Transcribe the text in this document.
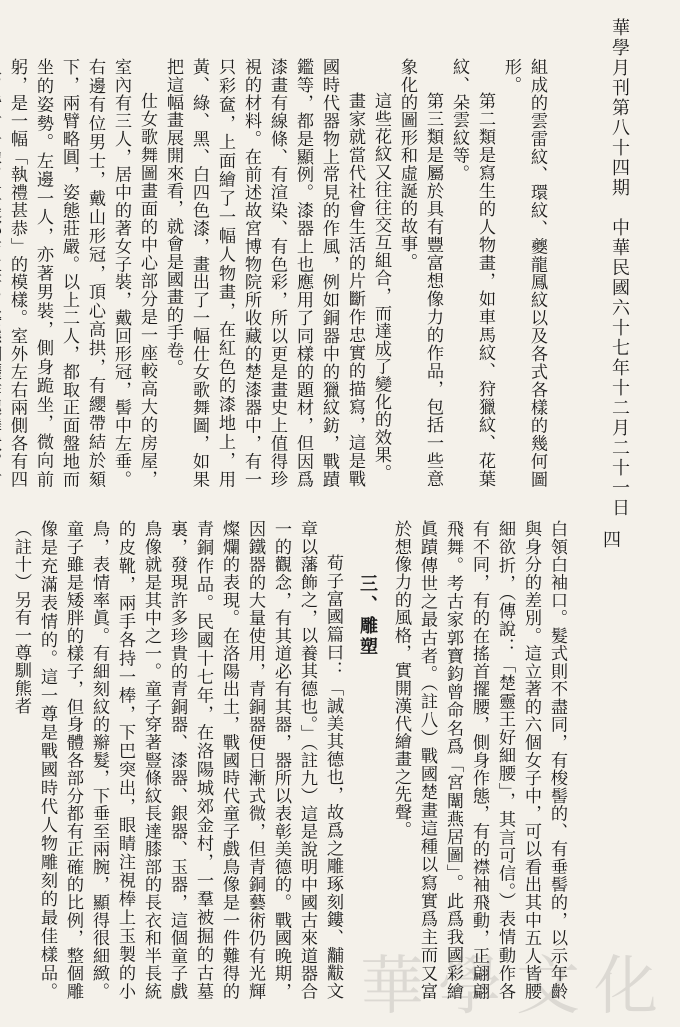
華學月刊第八十四期　中華民國六十七年十二月二十一日
四

組成的雲雷紋、環紋、夔龍鳳紋以及各式各樣的幾何圖形。

第二類是寫生的人物畫，如車馬紋、狩獵紋、花葉紋、朵雲紋等。

第三類是屬於具有豐富想像力的作品，包括一些意象化的圖形和虛誕的故事。

這些花紋又往往交互組合，而達成了變化的效果。

畫家就當代社會生活的片斷作忠實的描寫，這是戰國時代器物上常見的作風，例如銅器中的獵紋鈁，戰蹟鑑等，都是顯例。漆器上也應用了同樣的題材，但因爲漆畫有線條、有渲染、有色彩，所以更是畫史上值得珍視的材料。在前述故宮博物院所收藏的楚漆器中，有一只彩奩，上面繪了一幅人物畫，在紅色的漆地上，用黃、綠、黑、白四色漆，畫出了一幅仕女歌舞圖，如果把這幅畫展開來看，就會是國畫的手卷。

仕女歌舞圖畫面的中心部分是一座較高大的房屋，室內有三人，居中的著女子裝，戴回形冠，髻中左垂。右邊有位男士，戴山形冠，頂心高拱，有纓帶結於頦下，兩臂略圓，姿態莊嚴。以上二人，都取正面盤地而坐的姿勢。左邊一人，亦著男裝，側身跪坐，微向前躬，是一幅「執禮甚恭」的模樣。室外左右兩側各有四

白領白袖口。髮式則不盡同，有梭髻的、有垂髻的，以示年齡與身分的差別。這立著的六個女子中，可以看出其中五人皆腰細欲折，（傳說：「楚靈王好細腰」，其言可信。）表情動作各有不同，有的在搖首擺腰，側身作態，有的襟袖飛動，正翩翩飛舞。考古家郭寶鈞曾命名爲「宮闈燕居圖」。此爲我國彩繪眞蹟傳世之最古者。（註八）戰國楚畫這種以寫實爲主而又富於想像力的風格，實開漢代繪畫之先聲。

三、雕塑

荀子富國篇曰：「誠美其德也，故爲之雕琢刻鏤、黼黻文章以藩飾之，以養其德也。」（註九）這是說明中國古來道器合一的觀念，有其道必有其器，器所以表彰美德的。戰國晚期，因鐵器的大量使用，青銅器便日漸式微，但青銅藝術仍有光輝燦爛的表現。在洛陽出土，戰國時代童子戲鳥像是一件難得的青銅作品。民國十七年，在洛陽城郊金村，一羣被掘的古墓裏，發現許多珍貴的青銅器、漆器、銀器、玉器，這個童子戲鳥像就是其中之一。童子穿著豎條紋長達膝部的長衣和半長統的皮靴，兩手各持一棒，下巴突出，眼睛注視棒上玉製的小鳥，表情率眞。有細刻紋的辮髮，下垂至兩腕，顯得很細緻。童子雖是矮胖的樣子，但身體各部分都有正確的比例，整個雕像是充滿表情的。這一尊是戰國時代人物雕刻的最佳樣品。（註十）另有一尊馴熊者

華學文化
